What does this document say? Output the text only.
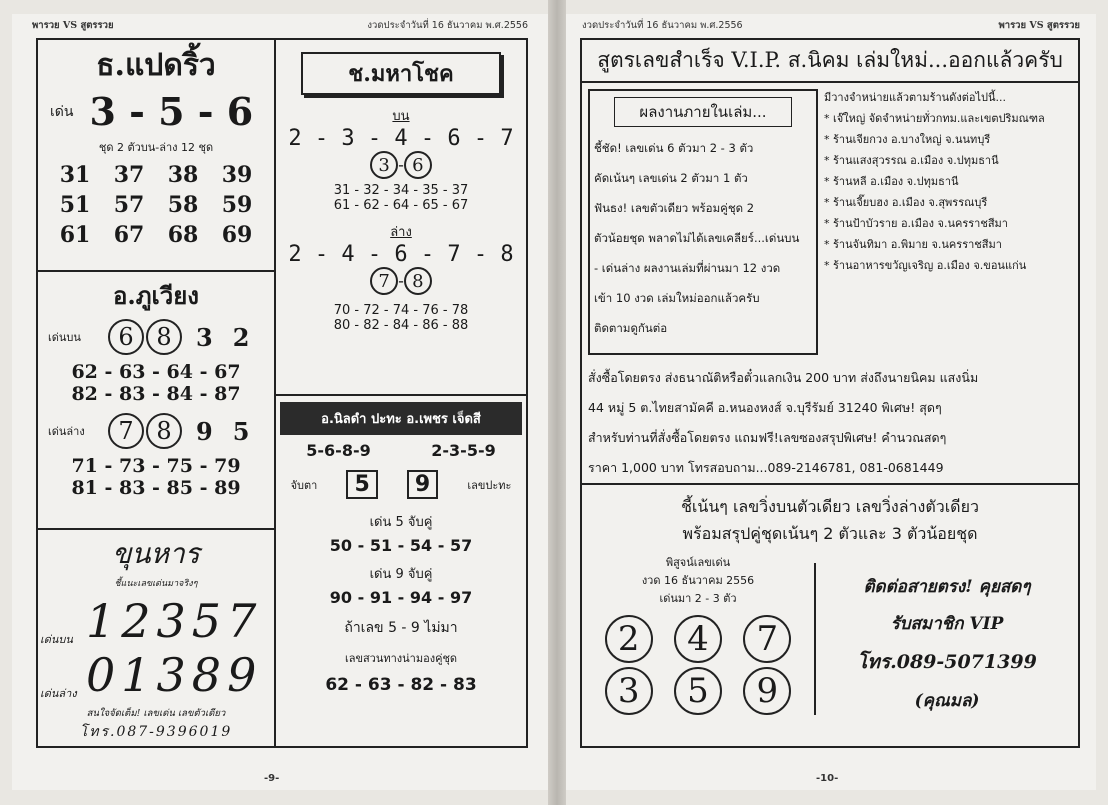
พารวย VS สูตรรวย	งวดประจำวันที่ 16 ธันวาคม พ.ศ.2556
ธ.แปดริ้ว
เด่น 3 - 5 - 6
ชุด 2 ตัวบน-ล่าง 12 ชุด
31 37 38 39
51 57 58 59
61 67 68 69
อ.ภูเวียง
เด่นบน	6 8	3 2
62 - 63 - 64 - 67
82 - 83 - 84 - 87
เด่นล่าง	7 8	9 5
71 - 73 - 75 - 79
81 - 83 - 85 - 89
ขุนหาร
ชี้แนะเลขเด่นมาจริงๆ
เด่นบน 12357
เด่นล่าง 01389
สนใจจัดเต็ม! เลขเด่น เลขตัวเดียว
โทร.087-9396019
ช.มหาโชค
บน
2 - 3 - 4 - 6 - 7
3 - 6
31 - 32 - 34 - 35 - 37
61 - 62 - 64 - 65 - 67
ล่าง
2 - 4 - 6 - 7 - 8
7 - 8
70 - 72 - 74 - 76 - 78
80 - 82 - 84 - 86 - 88
อ.นิลดำ ปะทะ อ.เพชร เจ็ดสี
5-6-8-9	2-3-5-9
จับตา	5	9	เลขปะทะ
เด่น 5 จับคู่
50 - 51 - 54 - 57
เด่น 9 จับคู่
90 - 91 - 94 - 97
ถ้าเลข 5 - 9 ไม่มา
เลขสวนทางน่ามองคู่ชุด
62 - 63 - 82 - 83
-9-
งวดประจำวันที่ 16 ธันวาคม พ.ศ.2556	พารวย VS สูตรรวย
สูตรเลขสำเร็จ V.I.P. ส.นิคม เล่มใหม่...ออกแล้วครับ
ผลงานภายในเล่ม...
ชี้ชัด! เลขเด่น 6 ตัวมา 2 - 3 ตัว
คัดเน้นๆ เลขเด่น 2 ตัวมา 1 ตัว
ฟันธง! เลขตัวเดียว พร้อมคู่ชุด 2
ตัวน้อยชุด พลาดไม่ได้เลขเคลียร์...เด่นบน
- เด่นล่าง ผลงานเล่มที่ผ่านมา 12 งวด
เข้า 10 งวด เล่มใหม่ออกแล้วครับ
ติดตามดูกันต่อ
มีวางจำหน่ายแล้วตามร้านดังต่อไปนี้...
* เจ๊ใหญ่ จัดจำหน่ายทั่วกทม.และเขตปริมณฑล
* ร้านเจียกวง อ.บางใหญ่ จ.นนทบุรี
* ร้านแสงสุวรรณ อ.เมือง จ.ปทุมธานี
* ร้านหลี อ.เมือง จ.ปทุมธานี
* ร้านเจี๊ยบฮง อ.เมือง จ.สุพรรณบุรี
* ร้านป้าบัวราย อ.เมือง จ.นครราชสีมา
* ร้านจันทิมา อ.พิมาย จ.นครราชสีมา
* ร้านอาหารขวัญเจริญ อ.เมือง จ.ขอนแก่น
สั่งซื้อโดยตรง ส่งธนาณัติหรือตั๋วแลกเงิน 200 บาท ส่งถึงนายนิคม แสงนิ่ม
44 หมู่ 5 ต.ไทยสามัคคี อ.หนองหงส์ จ.บุรีรัมย์ 31240 พิเศษ! สุดๆ
สำหรับท่านที่สั่งซื้อโดยตรง แถมฟรี!เลขซองสรุปพิเศษ! คำนวณสดๆ
ราคา 1,000 บาท โทรสอบถาม...089-2146781, 081-0681449
ชี้เน้นๆ เลขวิ่งบนตัวเดียว เลขวิ่งล่างตัวเดียว
พร้อมสรุปคู่ชุดเน้นๆ 2 ตัวและ 3 ตัวน้อยชุด
พิสูจน์เลขเด่น
งวด 16 ธันวาคม 2556
เด่นมา 2 - 3 ตัว
2	4	7
3	5	9
ติดต่อสายตรง! คุยสดๆ
รับสมาชิก VIP
โทร.089-5071399
(คุณมล)
-10-
